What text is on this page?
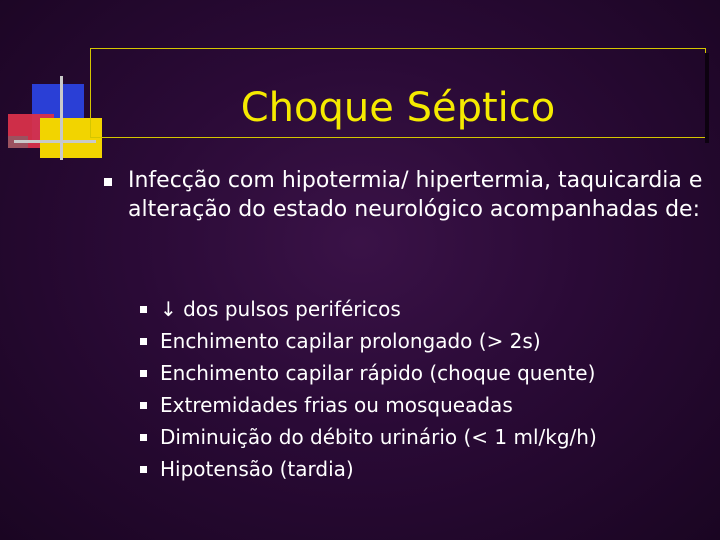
Choque Séptico
Infecção com hipotermia/ hipertermia, taquicardia e alteração do estado neurológico acompanhadas de:
↓ dos pulsos periféricos
Enchimento capilar prolongado (> 2s)
Enchimento capilar rápido (choque quente)
Extremidades frias ou mosqueadas
Diminuição do débito urinário (< 1 ml/kg/h)
Hipotensão (tardia)
